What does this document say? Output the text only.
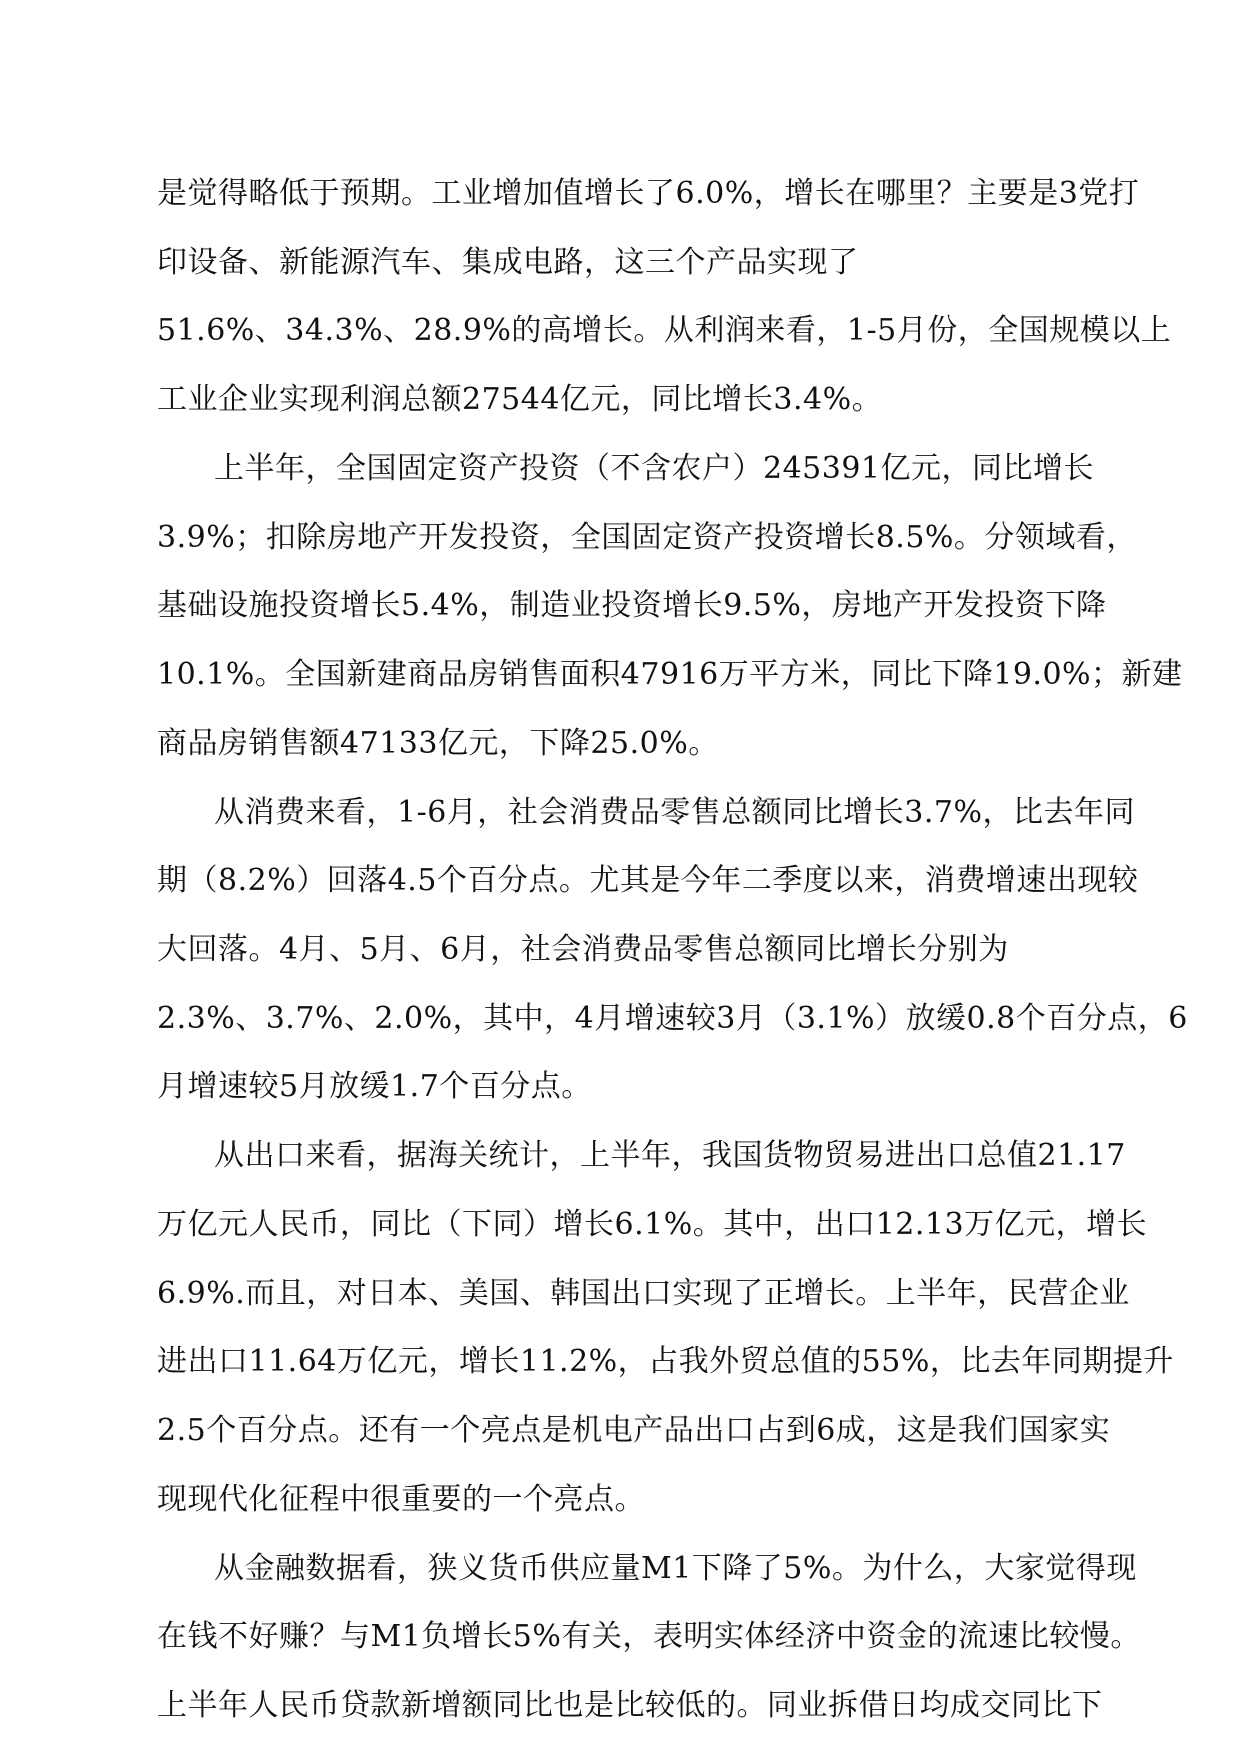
是觉得略低于预期。工业增加值增长了6.0%，增长在哪里？主要是3党打
印设备、新能源汽车、集成电路，这三个产品实现了
51.6%、34.3%、28.9%的高增长。从利润来看，1-5月份，全国规模以上
工业企业实现利润总额27544亿元，同比增长3.4%。
上半年，全国固定资产投资（不含农户）245391亿元，同比增长
3.9%；扣除房地产开发投资，全国固定资产投资增长8.5%。分领域看，
基础设施投资增长5.4%，制造业投资增长9.5%，房地产开发投资下降
10.1%。全国新建商品房销售面积47916万平方米，同比下降19.0%；新建
商品房销售额47133亿元，下降25.0%。
从消费来看，1-6月，社会消费品零售总额同比增长3.7%，比去年同
期（8.2%）回落4.5个百分点。尤其是今年二季度以来，消费增速出现较
大回落。4月、5月、6月，社会消费品零售总额同比增长分别为
2.3%、3.7%、2.0%，其中，4月增速较3月（3.1%）放缓0.8个百分点，6
月增速较5月放缓1.7个百分点。
从出口来看，据海关统计，上半年，我国货物贸易进出口总值21.17
万亿元人民币，同比（下同）增长6.1%。其中，出口12.13万亿元，增长
6.9%.而且，对日本、美国、韩国出口实现了正增长。上半年，民营企业
进出口11.64万亿元，增长11.2%，占我外贸总值的55%，比去年同期提升
2.5个百分点。还有一个亮点是机电产品出口占到6成，这是我们国家实
现现代化征程中很重要的一个亮点。
从金融数据看，狭义货币供应量M1下降了5%。为什么，大家觉得现
在钱不好赚？与M1负增长5%有关，表明实体经济中资金的流速比较慢。
上半年人民币贷款新增额同比也是比较低的。同业拆借日均成交同比下
